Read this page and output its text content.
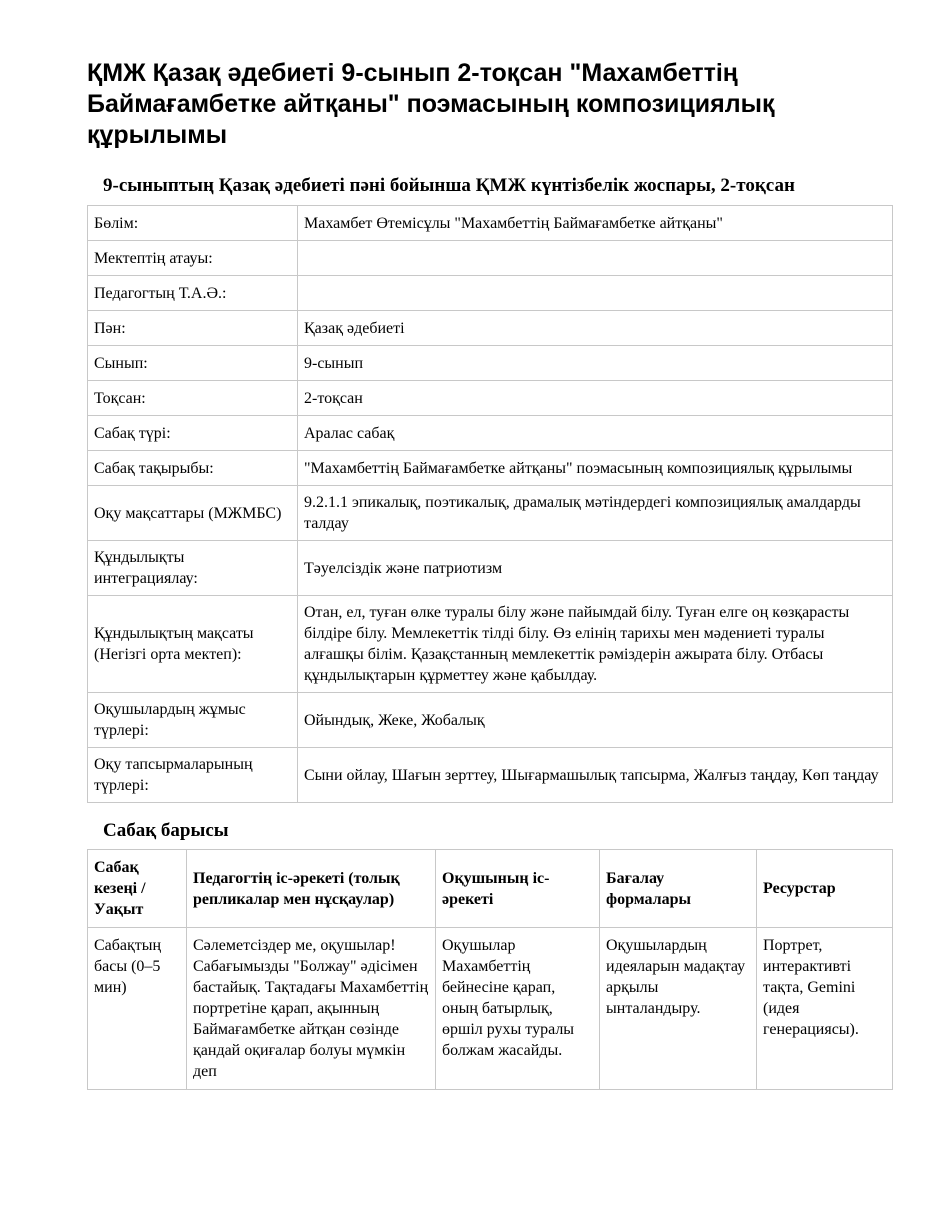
ҚМЖ Қазақ әдебиеті 9-сынып 2-тоқсан "Махамбеттің Баймағамбетке айтқаны" поэмасының композициялық құрылымы
9-сыныптың Қазақ әдебиеті пәні бойынша ҚМЖ күнтізбелік жоспары, 2-тоқсан
Бөлім:	Махамбет Өтемісұлы "Махамбеттің Баймағамбетке айтқаны"
Мектептің атауы:	
Педагогтың Т.А.Ә.:	
Пән:	Қазақ әдебиеті
Сынып:	9-сынып
Тоқсан:	2-тоқсан
Сабақ түрі:	Аралас сабақ
Сабақ тақырыбы:	"Махамбеттің Баймағамбетке айтқаны" поэмасының композициялық құрылымы
Оқу мақсаттары (МЖМБС)	9.2.1.1 эпикалық, поэтикалық, драмалық мәтіндердегі композициялық амалдарды талдау
Құндылықты интеграциялау:	Тәуелсіздік және патриотизм
Құндылықтың мақсаты (Негізгі орта мектеп):	Отан, ел, туған өлке туралы білу және пайымдай білу. Туған елге оң көзқарасты білдіре білу. Мемлекеттік тілді білу. Өз елінің тарихы мен мәдениеті туралы алғашқы білім. Қазақстанның мемлекеттік рәміздерін ажырата білу. Отбасы құндылықтарын құрметтеу және қабылдау.
Оқушылардың жұмыс түрлері:	Ойындық, Жеке, Жобалық
Оқу тапсырмаларының түрлері:	Сыни ойлау, Шағын зерттеу, Шығармашылық тапсырма, Жалғыз таңдау, Көп таңдау
Сабақ барысы
Сабақ кезеңі / Уақыт	Педагогтің іс-әрекеті (толық репликалар мен нұсқаулар)	Оқушының іс-әрекеті	Бағалау формалары	Ресурстар
Сабақтың басы (0–5 мин)	Сәлеметсіздер ме, оқушылар! Сабағымызды "Болжау" әдісімен бастайық. Тақтадағы Махамбеттің портретіне қарап, ақынның Баймағамбетке айтқан сөзінде қандай оқиғалар болуы мүмкін деп	Оқушылар Махамбеттің бейнесіне қарап, оның батырлық, өршіл рухы туралы болжам жасайды.	Оқушылардың идеяларын мадақтау арқылы ынталандыру.	Портрет, интерактивті тақта, Gemini (идея генерациясы).
